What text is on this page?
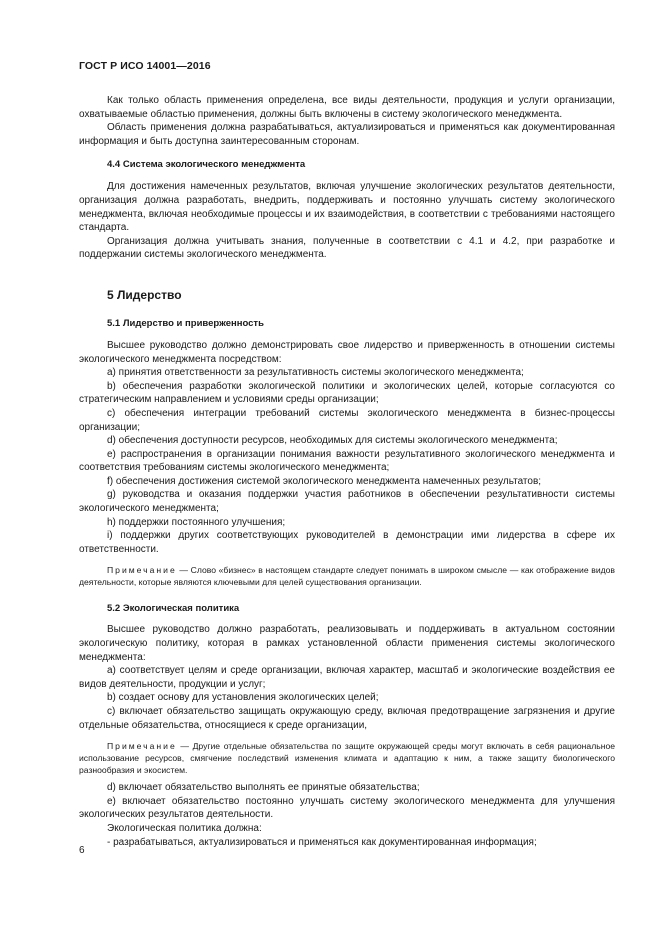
ГОСТ Р ИСО 14001—2016

Как только область применения определена, все виды деятельности, продукция и услуги организации, охватываемые областью применения, должны быть включены в систему экологического менеджмента.

Область применения должна разрабатываться, актуализироваться и применяться как документированная информация и быть доступна заинтересованным сторонам.

4.4 Система экологического менеджмента

Для достижения намеченных результатов, включая улучшение экологических результатов деятельности, организация должна разработать, внедрить, поддерживать и постоянно улучшать систему экологического менеджмента, включая необходимые процессы и их взаимодействия, в соответствии с требованиями настоящего стандарта.

Организация должна учитывать знания, полученные в соответствии с 4.1 и 4.2, при разработке и поддержании системы экологического менеджмента.

5 Лидерство

5.1 Лидерство и приверженность

Высшее руководство должно демонстрировать свое лидерство и приверженность в отношении системы экологического менеджмента посредством:

a) принятия ответственности за результативность системы экологического менеджмента;

b) обеспечения разработки экологической политики и экологических целей, которые согласуются со стратегическим направлением и условиями среды организации;

c) обеспечения интеграции требований системы экологического менеджмента в бизнес-процессы организации;

d) обеспечения доступности ресурсов, необходимых для системы экологического менеджмента;

e) распространения в организации понимания важности результативного экологического менеджмента и соответствия требованиям системы экологического менеджмента;

f) обеспечения достижения системой экологического менеджмента намеченных результатов;

g) руководства и оказания поддержки участия работников в обеспечении результативности системы экологического менеджмента;

h) поддержки постоянного улучшения;

i) поддержки других соответствующих руководителей в демонстрации ими лидерства в сфере их ответственности.

Примечание — Слово «бизнес» в настоящем стандарте следует понимать в широком смысле — как отображение видов деятельности, которые являются ключевыми для целей существования организации.

5.2 Экологическая политика

Высшее руководство должно разработать, реализовывать и поддерживать в актуальном состоянии экологическую политику, которая в рамках установленной области применения системы экологического менеджмента:

a) соответствует целям и среде организации, включая характер, масштаб и экологические воздействия ее видов деятельности, продукции и услуг;

b) создает основу для установления экологических целей;

c) включает обязательство защищать окружающую среду, включая предотвращение загрязнения и другие отдельные обязательства, относящиеся к среде организации,

Примечание — Другие отдельные обязательства по защите окружающей среды могут включать в себя рациональное использование ресурсов, смягчение последствий изменения климата и адаптацию к ним, а также защиту биологического разнообразия и экосистем.

d) включает обязательство выполнять ее принятые обязательства;

e) включает обязательство постоянно улучшать систему экологического менеджмента для улучшения экологических результатов деятельности.

Экологическая политика должна:

- разрабатываться, актуализироваться и применяться как документированная информация;

6
